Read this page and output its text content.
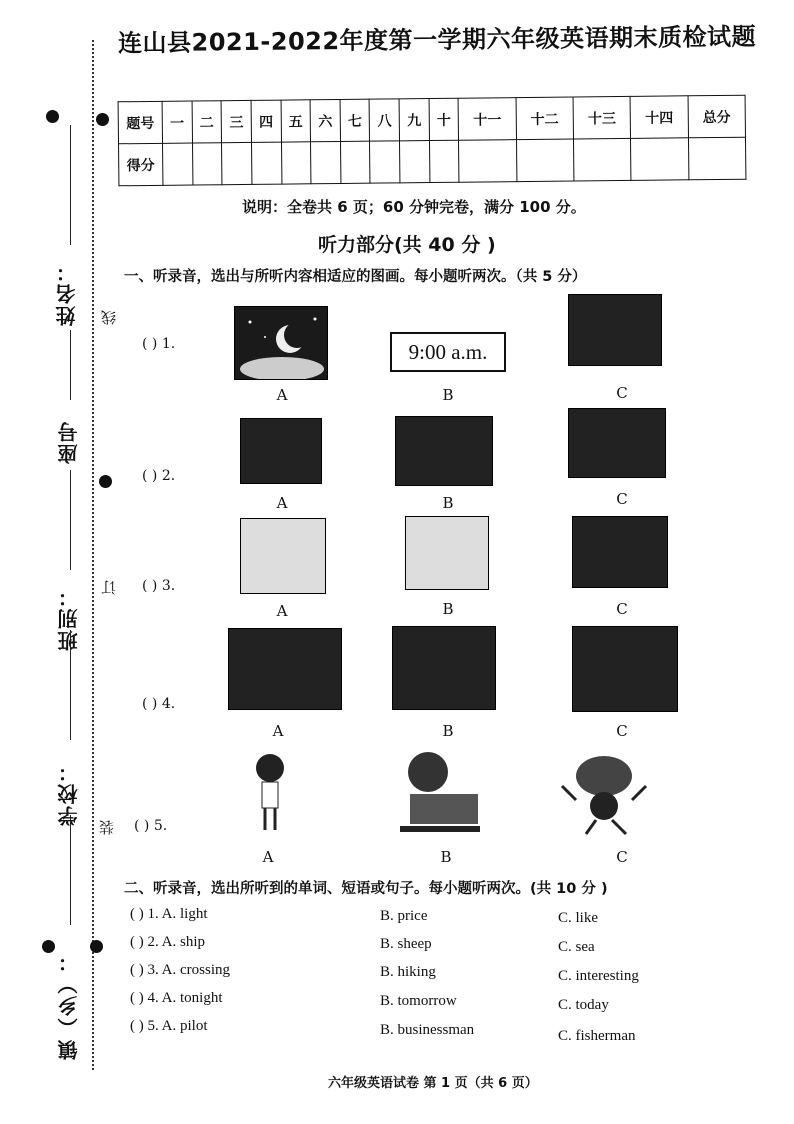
姓名：
座号
班别：
学校：
镇（乡）：
线
订
装
连山县2021-2022年度第一学期六年级英语期末质检试题
题号	一	二	三	四	五	六	七	八	九	十	十一	十二	十三	十四	总分
得分															
说明：全卷共 6 页；60 分钟完卷，满分 100 分。
听力部分(共 40 分 )
一、听录音，选出与所听内容相适应的图画。每小题听两次。（共 5 分）
( ) 1.	9:00 a.m.
A	B	C
( ) 2.
A	B	C
( ) 3.
A	B	C
( ) 4.
A	B	C
( ) 5.
A	B	C
二、听录音，选出所听到的单词、短语或句子。每小题听两次。(共 10 分 )
( ) 1. A. light	B. price	C. like
( ) 2. A. ship	B. sheep	C. sea
( ) 3. A. crossing	B. hiking	C. interesting
( ) 4. A. tonight	B. tomorrow	C. today
( ) 5. A. pilot	B. businessman	C. fisherman
六年级英语试卷 第 1 页（共 6 页）
